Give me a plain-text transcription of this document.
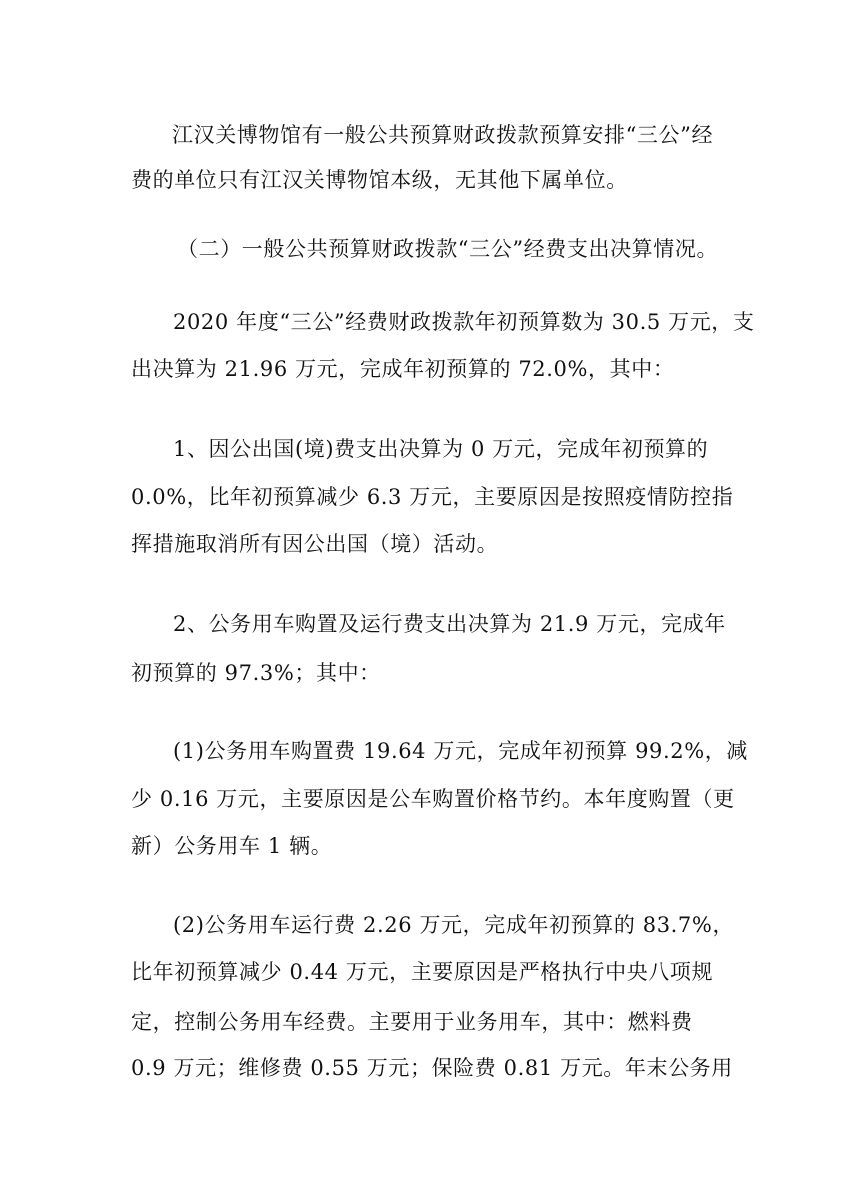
江汉关博物馆有一般公共预算财政拨款预算安排“三公”经
费的单位只有江汉关博物馆本级，无其他下属单位。
（二）一般公共预算财政拨款“三公”经费支出决算情况。
2020 年度“三公”经费财政拨款年初预算数为 30.5 万元，支
出决算为 21.96 万元，完成年初预算的 72.0%，其中：
1、因公出国(境)费支出决算为 0 万元，完成年初预算的
0.0%，比年初预算减少 6.3 万元，主要原因是按照疫情防控指
挥措施取消所有因公出国（境）活动。
2、公务用车购置及运行费支出决算为 21.9 万元，完成年
初预算的 97.3%；其中：
(1)公务用车购置费 19.64 万元，完成年初预算 99.2%，减
少 0.16 万元，主要原因是公车购置价格节约。本年度购置（更
新）公务用车 1 辆。
(2)公务用车运行费 2.26 万元，完成年初预算的 83.7%，
比年初预算减少 0.44 万元，主要原因是严格执行中央八项规
定，控制公务用车经费。主要用于业务用车，其中：燃料费
0.9 万元；维修费 0.55 万元；保险费 0.81 万元。年末公务用
